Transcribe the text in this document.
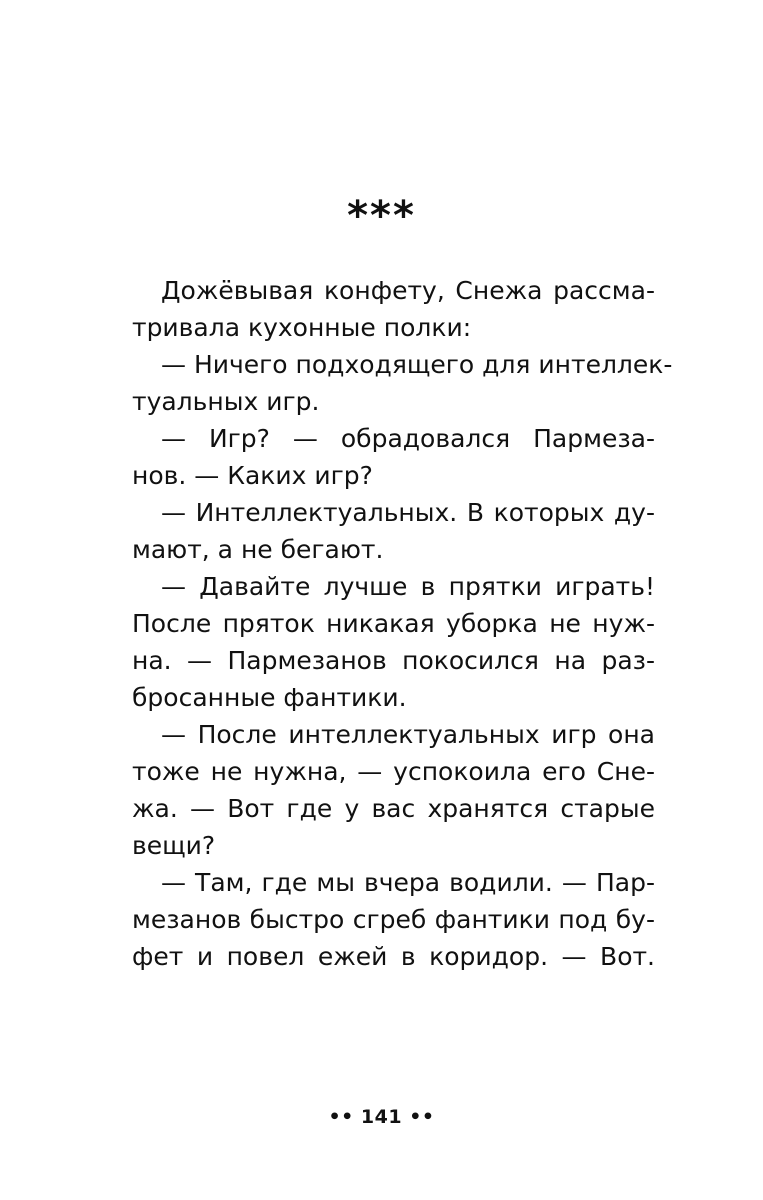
***
Дожёвывая конфету, Снежа рассма-
тривала кухонные полки:
— Ничего подходящего для интеллек-
туальных игр.
— Игр? — обрадовался Пармеза-
нов. — Каких игр?
— Интеллектуальных. В которых ду-
мают, а не бегают.
— Давайте лучше в прятки играть!
После пряток никакая уборка не нуж-
на. — Пармезанов покосился на раз-
бросанные фантики.
— После интеллектуальных игр она
тоже не нужна, — успокоила его Сне-
жа. — Вот где у вас хранятся старые
вещи?
— Там, где мы вчера водили. — Пар-
мезанов быстро сгреб фантики под бу-
фет и повел ежей в коридор. — Вот.
•• 141 ••
